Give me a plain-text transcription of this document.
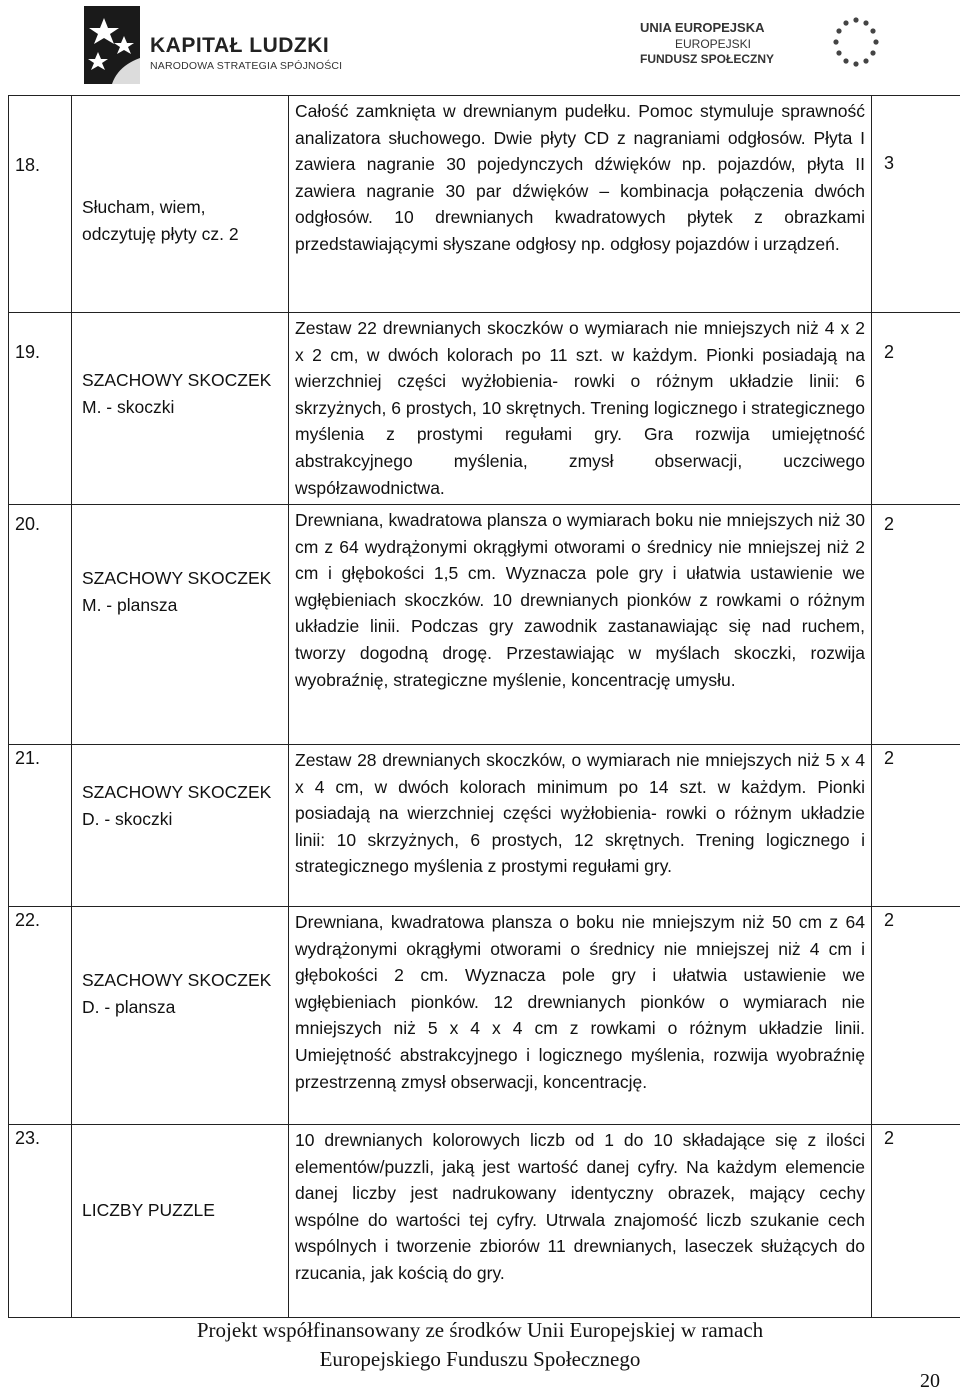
KAPITAŁ LUDZKI
NARODOWA STRATEGIA SPÓJNOŚCI
UNIA EUROPEJSKA
EUROPEJSKI
FUNDUSZ SPOŁECZNY
18.	Słucham, wiem, odczytuję płyty cz. 2	Całość zamknięta w drewnianym pudełku. Pomoc stymuluje sprawność analizatora słuchowego. Dwie płyty CD z nagraniami odgłosów. Płyta I zawiera nagranie 30 pojedynczych dźwięków np. pojazdów, płyta II zawiera nagranie 30 par dźwięków – kombinacja połączenia dwóch odgłosów. 10 drewnianych kwadratowych płytek z obrazkami przedstawiającymi słyszane odgłosy np. odgłosy pojazdów i urządzeń.	3
19.	SZACHOWY SKOCZEK M. - skoczki	Zestaw 22 drewnianych skoczków o wymiarach nie mniejszych niż 4 x 2 x 2 cm, w dwóch kolorach po 11 szt. w każdym. Pionki posiadają na wierzchniej części wyżłobienia- rowki o różnym układzie linii: 6 skrzyżnych, 6 prostych, 10 skrętnych. Trening logicznego i strategicznego myślenia z prostymi regułami gry. Gra rozwija umiejętność abstrakcyjnego myślenia, zmysł obserwacji, uczciwego współzawodnictwa.	2
20.	SZACHOWY SKOCZEK M. - plansza	Drewniana, kwadratowa plansza o wymiarach boku nie mniejszych niż 30 cm z 64 wydrążonymi okrągłymi otworami o średnicy nie mniejszej niż 2 cm i głębokości 1,5 cm. Wyznacza pole gry i ułatwia ustawienie we wgłębieniach skoczków. 10 drewnianych pionków z rowkami o różnym układzie linii. Podczas gry zawodnik zastanawiając się nad ruchem, tworzy dogodną drogę. Przestawiając w myślach skoczki, rozwija wyobraźnię, strategiczne myślenie, koncentrację umysłu.	2
21.	SZACHOWY SKOCZEK D. - skoczki	Zestaw 28 drewnianych skoczków, o wymiarach nie mniejszych niż 5 x 4 x 4 cm, w dwóch kolorach minimum po 14 szt. w każdym. Pionki posiadają na wierzchniej części wyżłobienia- rowki o różnym układzie linii: 10 skrzyżnych, 6 prostych, 12 skrętnych. Trening logicznego i strategicznego myślenia z prostymi regułami gry.	2
22.	SZACHOWY SKOCZEK D. - plansza	Drewniana, kwadratowa plansza o boku nie mniejszym niż 50 cm z 64 wydrążonymi okrągłymi otworami o średnicy nie mniejszej niż 4 cm i głębokości 2 cm. Wyznacza pole gry i ułatwia ustawienie we wgłębieniach pionków. 12 drewnianych pionków o wymiarach nie mniejszych niż 5 x 4 x 4 cm z rowkami o różnym układzie linii. Umiejętność abstrakcyjnego i logicznego myślenia, rozwija wyobraźnię przestrzenną zmysł obserwacji, koncentrację.	2
23.	LICZBY PUZZLE	10 drewnianych kolorowych liczb od 1 do 10 składające się z ilości elementów/puzzli, jaką jest wartość danej cyfry. Na każdym elemencie danej liczby jest nadrukowany identyczny obrazek, mający cechy wspólne do wartości tej cyfry. Utrwala znajomość liczb szukanie cech wspólnych i tworzenie zbiorów 11 drewnianych, laseczek służących do rzucania, jak kością do gry.	2
Projekt współfinansowany ze środków Unii Europejskiej w ramach
Europejskiego Funduszu Społecznego
20
